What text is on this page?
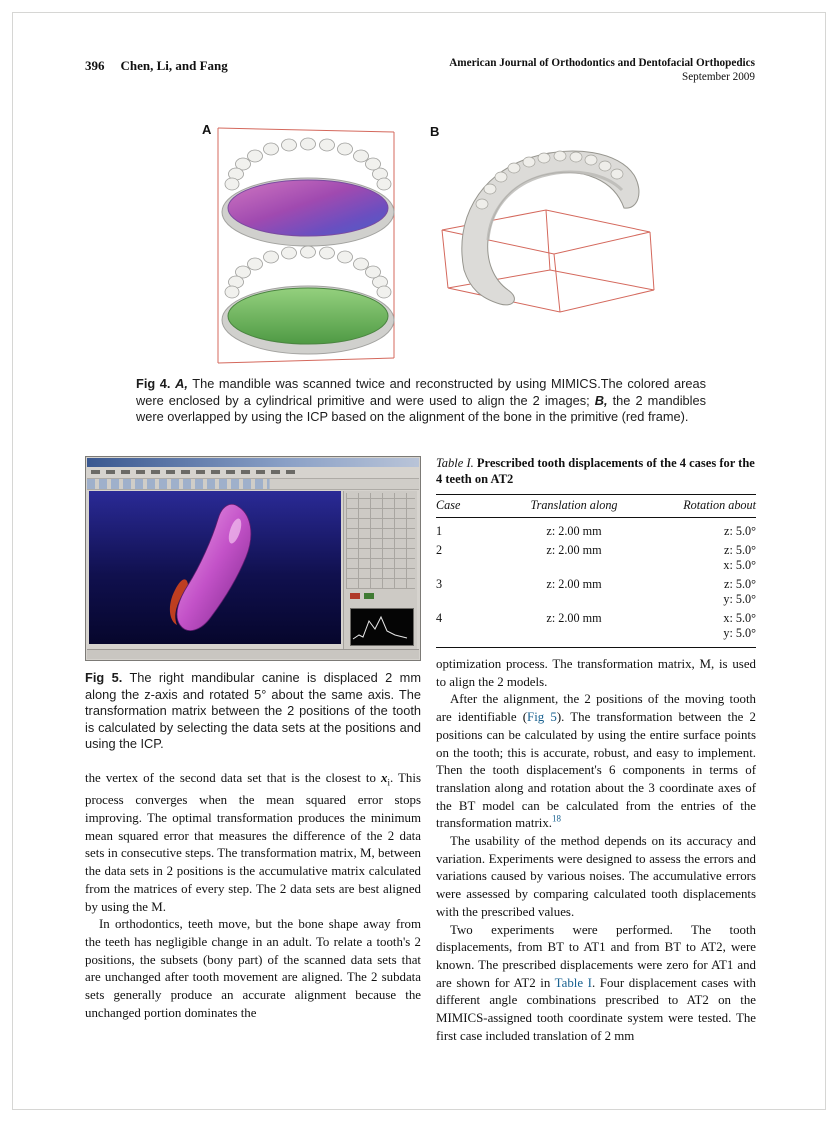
396 Chen, Li, and Fang	American Journal of Orthodontics and Dentofacial Orthopedics
September 2009
A	B
Fig 4. A, The mandible was scanned twice and reconstructed by using MIMICS.The colored areas were enclosed by a cylindrical primitive and were used to align the 2 images; B, the 2 mandibles were overlapped by using the ICP based on the alignment of the bone in the primitive (red frame).
Fig 5. The right mandibular canine is displaced 2 mm along the z-axis and rotated 5° about the same axis. The transformation matrix between the 2 positions of the tooth is calculated by selecting the data sets at the positions and using the ICP.
Table I. Prescribed tooth displacements of the 4 cases for the 4 teeth on AT2
Case	Translation along	Rotation about
1	z: 2.00 mm	z: 5.0°

2	z: 2.00 mm	z: 5.0°
x: 5.0°

3	z: 2.00 mm	z: 5.0°
y: 5.0°

4	z: 2.00 mm	x: 5.0°
y: 5.0°

the vertex of the second data set that is the closest to $x_i$. This process converges when the mean squared error stops improving. The optimal transformation produces the minimum mean squared error that measures the difference of the 2 data sets in consecutive steps. The transformation matrix, M, between the data sets in 2 positions is the accumulative matrix calculated from the matrices of every step. The 2 data sets are best aligned by using the M.

In orthodontics, teeth move, but the bone shape away from the teeth has negligible change in an adult. To relate a tooth's 2 positions, the subsets (bony part) of the scanned data sets that are unchanged after tooth movement are aligned. The 2 subdata sets generally produce an accurate alignment because the unchanged portion dominates the

optimization process. The transformation matrix, M, is used to align the 2 models.

After the alignment, the 2 positions of the moving tooth are identifiable (Fig 5). The transformation between the 2 positions can be calculated by using the entire surface points on the tooth; this is accurate, robust, and easy to implement. Then the tooth displacement's 6 components in terms of translation along and rotation about the 3 coordinate axes of the BT model can be calculated from the entries of the transformation matrix.$^{18}$

The usability of the method depends on its accuracy and variation. Experiments were designed to assess the errors and variations caused by various noises. The accumulative errors were assessed by comparing calculated tooth displacements with the prescribed values.

Two experiments were performed. The tooth displacements, from BT to AT1 and from BT to AT2, were known. The prescribed displacements were zero for AT1 and are shown for AT2 in Table I. Four displacement cases with different angle combinations prescribed to AT2 on the MIMICS-assigned tooth coordinate system were tested. The first case included translation of 2 mm
